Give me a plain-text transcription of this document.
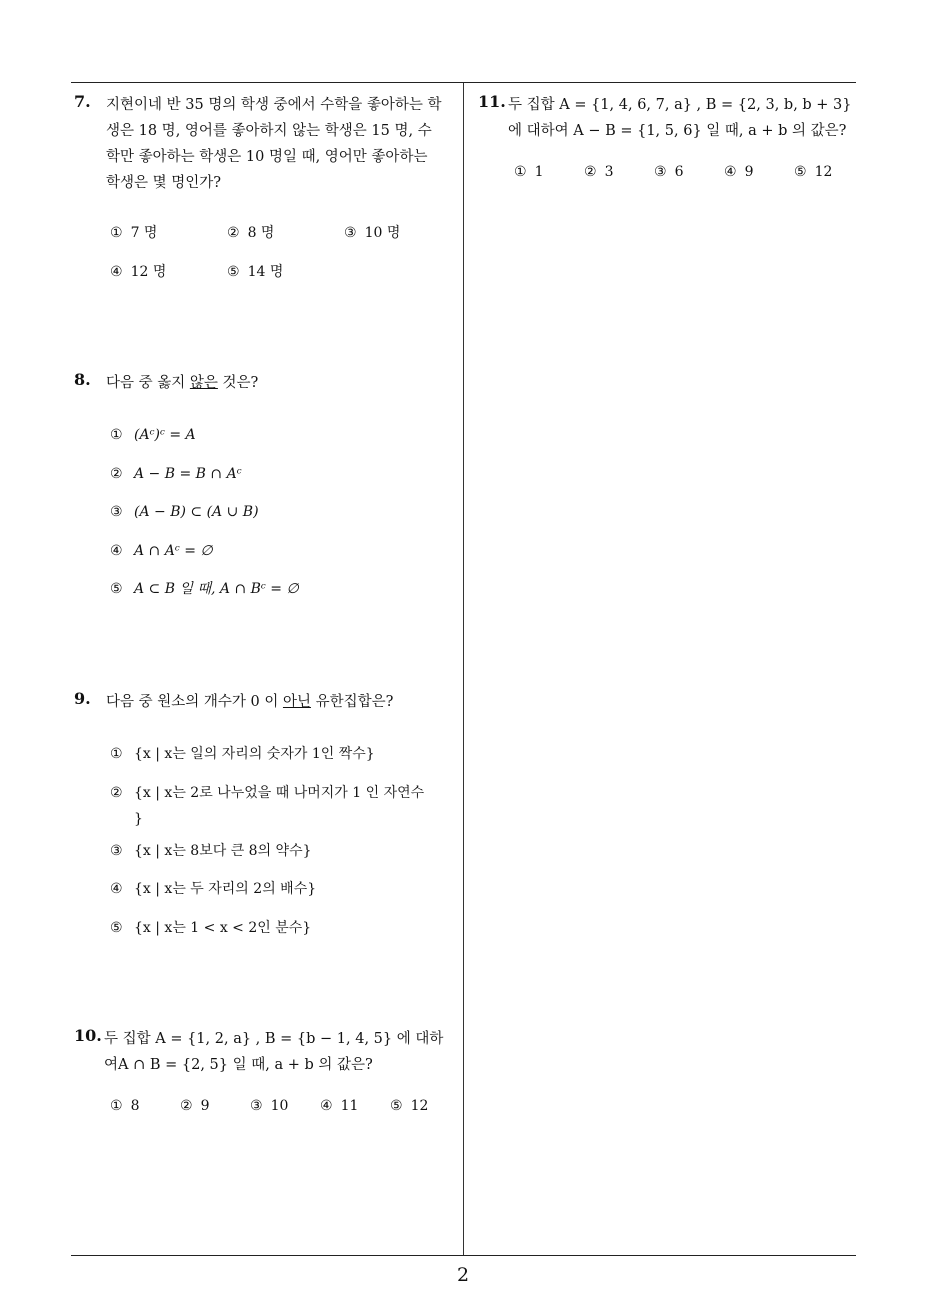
7. 지현이네 반 35 명의 학생 중에서 수학을 좋아하는 학
생은 18 명, 영어를 좋아하지 않는 학생은 15 명, 수
학만 좋아하는 학생은 10 명일 때, 영어만 좋아하는
학생은 몇 명인가?
① 7 명	② 8 명	③ 10 명
④ 12 명	⑤ 14 명
8. 다음 중 옳지 않은 것은?
① (Aᶜ)ᶜ = A
② A − B = B ∩ Aᶜ
③ (A − B) ⊂ (A ∪ B)
④ A ∩ Aᶜ = ∅
⑤ A ⊂ B 일 때, A ∩ Bᶜ = ∅
9. 다음 중 원소의 개수가 0 이 아닌 유한집합은?
① {x | x는 일의 자리의 숫자가 1인 짝수}
② {x | x는 2로 나누었을 때 나머지가 1 인 자연수
}
③ {x | x는 8보다 큰 8의 약수}
④ {x | x는 두 자리의 2의 배수}
⑤ {x | x는 1 < x < 2인 분수}
10. 두 집합 A = {1, 2, a} , B = {b − 1, 4, 5} 에 대하
여A ∩ B = {2, 5} 일 때, a + b 의 값은?
① 8	② 9	③ 10 ④ 11 ⑤ 12
11. 두 집합 A = {1, 4, 6, 7, a} , B = {2, 3, b, b + 3}
에 대하여 A − B = {1, 5, 6} 일 때, a + b 의 값은?
① 1	② 3	③ 6	④ 9	⑤ 12
2
